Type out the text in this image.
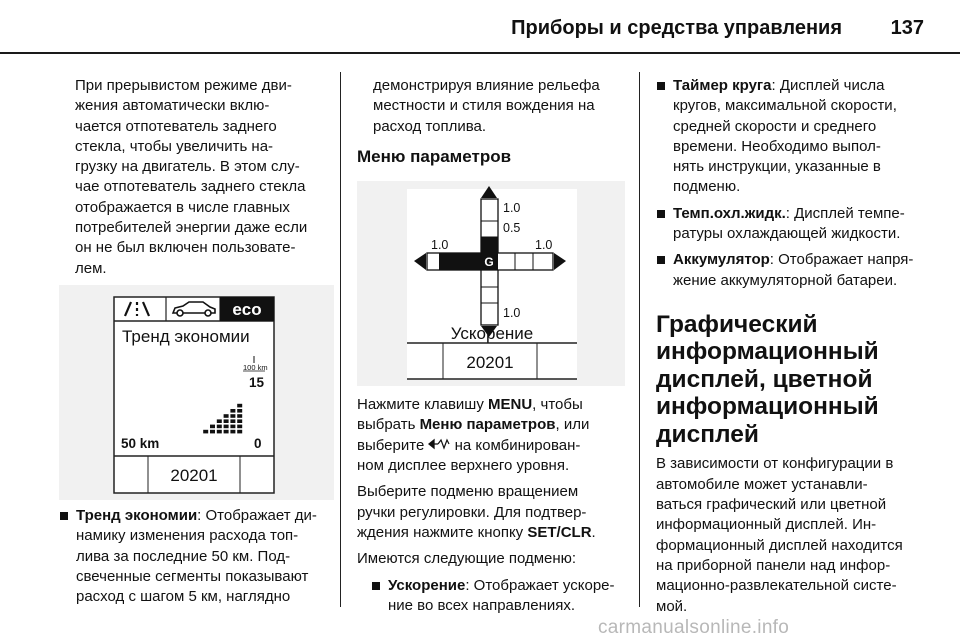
Приборы и средства управления 137

При прерывистом режиме дви-
жения автоматически вклю-
чается отпотеватель заднего
стекла, чтобы увеличить на-
грузку на двигатель. В этом слу-
чае отпотеватель заднего стекла
отображается в числе главных
потребителей энергии даже если
он не был включен пользовате-
лем.

eco
Тренд экономии
100 km
15
50 km	0
20201
Тренд экономии: Отображает ди-
намику изменения расхода топ-
лива за последние 50 км. Под-
свеченные сегменты показывают
расход с шагом 5 км, наглядно

демонстрируя влияние рельефа
местности и стиля вождения на
расход топлива.

Меню параметров
G
1.0
0.5
1.0	1.0
1.0
Ускорение
20201

Нажмите клавишу MENU, чтобы
выбрать Меню параметров, или
выберите  на комбинирован-
ном дисплее верхнего уровня.

Выберите подменю вращением
ручки регулировки. Для подтвер-
ждения нажмите кнопку SET/CLR.

Имеются следующие подменю:

Ускорение: Отображает ускоре-
ние во всех направлениях.
Таймер круга: Дисплей числа
кругов, максимальной скорости,
средней скорости и среднего
времени. Необходимо выпол-
нять инструкции, указанные в
подменю.
Темп.охл.жидк.: Дисплей темпе-
ратуры охлаждающей жидкости.
Аккумулятор: Отображает напря-
жение аккумуляторной батареи.
Графический
информационный
дисплей, цветной
информационный
дисплей

В зависимости от конфигурации в
автомобиле может устанавли-
ваться графический или цветной
информационный дисплей. Ин-
формационный дисплей находится
на приборной панели над инфор-
мационно-развлекательной систе-
мой.

carmanualsonline.info
